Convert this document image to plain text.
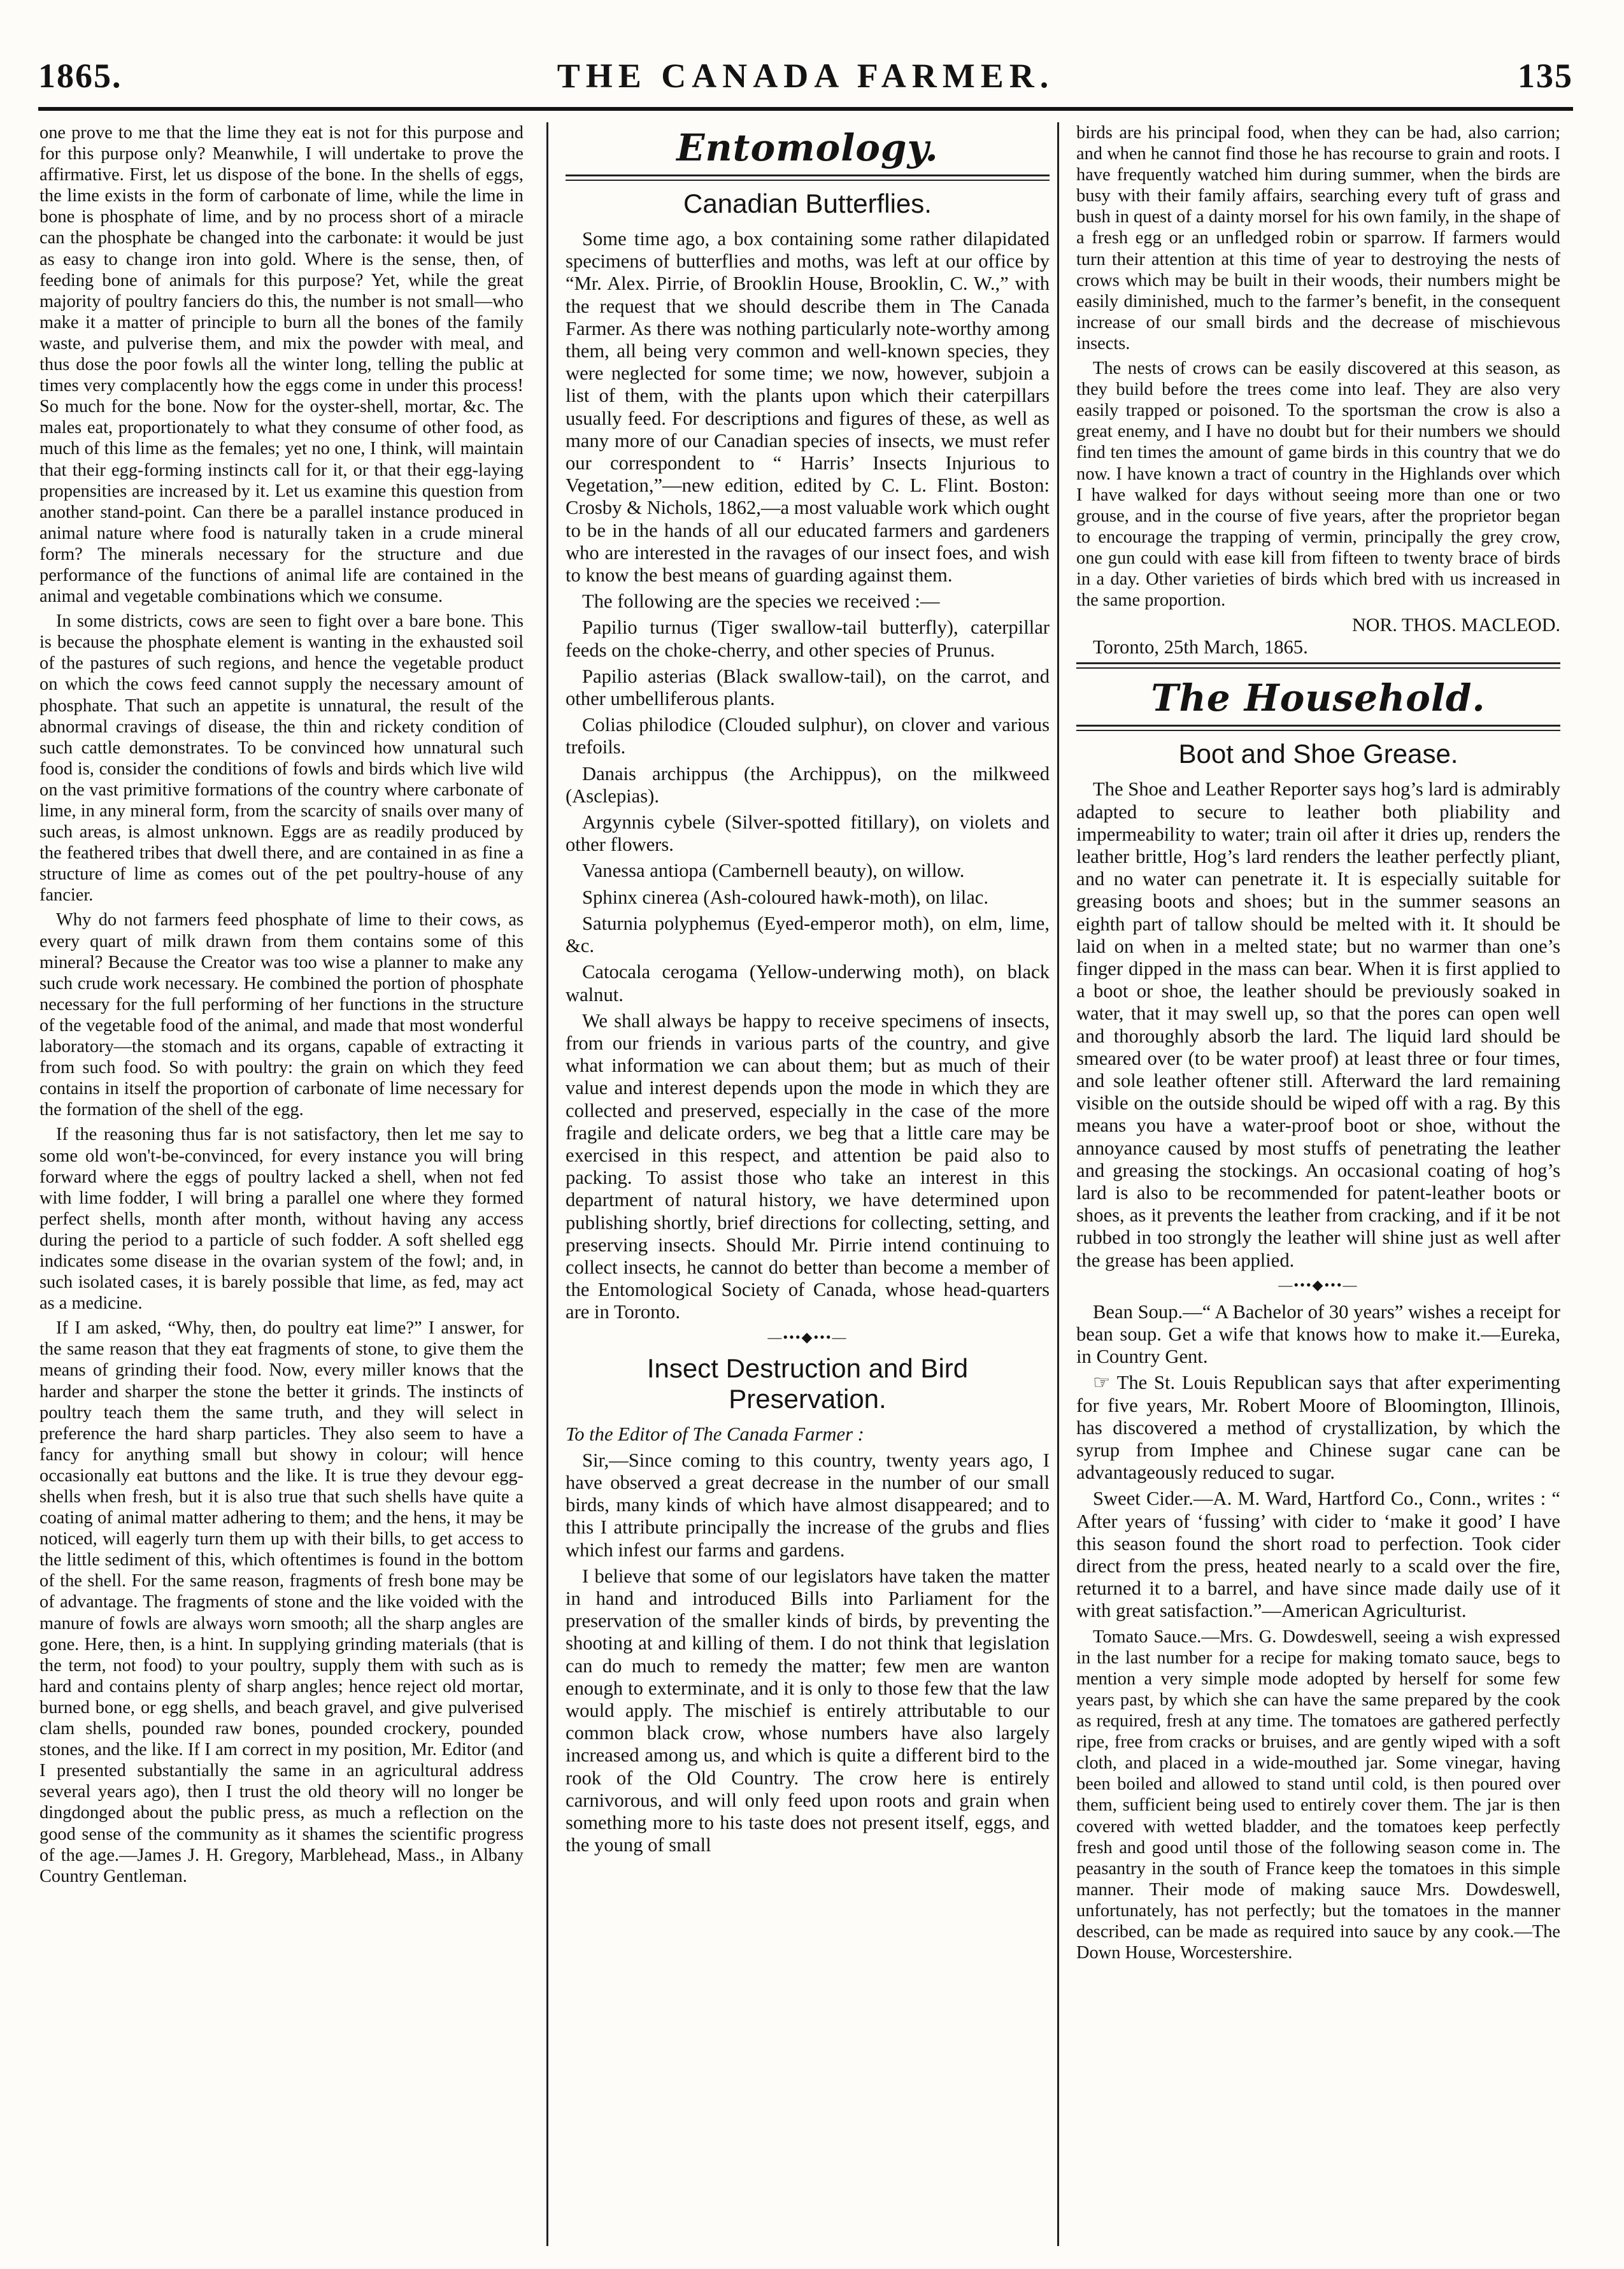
1865.	THE CANADA FARMER.	135

one prove to me that the lime they eat is not for this purpose and for this purpose only? Meanwhile, I will undertake to prove the affirmative. First, let us dispose of the bone. In the shells of eggs, the lime exists in the form of carbonate of lime, while the lime in bone is phosphate of lime, and by no process short of a miracle can the phosphate be changed into the carbonate: it would be just as easy to change iron into gold. Where is the sense, then, of feeding bone of animals for this purpose? Yet, while the great majority of poultry fanciers do this, the number is not small—who make it a matter of principle to burn all the bones of the family waste, and pulverise them, and mix the powder with meal, and thus dose the poor fowls all the winter long, telling the public at times very complacently how the eggs come in under this process! So much for the bone. Now for the oyster-shell, mortar, &c. The males eat, proportionately to what they consume of other food, as much of this lime as the females; yet no one, I think, will maintain that their egg-forming instincts call for it, or that their egg-laying propensities are increased by it. Let us examine this question from another stand-point. Can there be a parallel instance produced in animal nature where food is naturally taken in a crude mineral form? The minerals necessary for the structure and due performance of the functions of animal life are contained in the animal and vegetable combinations which we consume.

In some districts, cows are seen to fight over a bare bone. This is because the phosphate element is wanting in the exhausted soil of the pastures of such regions, and hence the vegetable product on which the cows feed cannot supply the necessary amount of phosphate. That such an appetite is unnatural, the result of the abnormal cravings of disease, the thin and rickety condition of such cattle demonstrates. To be convinced how unnatural such food is, consider the conditions of fowls and birds which live wild on the vast primitive formations of the country where carbonate of lime, in any mineral form, from the scarcity of snails over many of such areas, is almost unknown. Eggs are as readily produced by the feathered tribes that dwell there, and are contained in as fine a structure of lime as comes out of the pet poultry-house of any fancier.

Why do not farmers feed phosphate of lime to their cows, as every quart of milk drawn from them contains some of this mineral? Because the Creator was too wise a planner to make any such crude work necessary. He combined the portion of phosphate necessary for the full performing of her functions in the structure of the vegetable food of the animal, and made that most wonderful laboratory—the stomach and its organs, capable of extracting it from such food. So with poultry: the grain on which they feed contains in itself the proportion of carbonate of lime necessary for the formation of the shell of the egg.

If the reasoning thus far is not satisfactory, then let me say to some old won't-be-convinced, for every instance you will bring forward where the eggs of poultry lacked a shell, when not fed with lime fodder, I will bring a parallel one where they formed perfect shells, month after month, without having any access during the period to a particle of such fodder. A soft shelled egg indicates some disease in the ovarian system of the fowl; and, in such isolated cases, it is barely possible that lime, as fed, may act as a medicine.

If I am asked, “Why, then, do poultry eat lime?” I answer, for the same reason that they eat fragments of stone, to give them the means of grinding their food. Now, every miller knows that the harder and sharper the stone the better it grinds. The instincts of poultry teach them the same truth, and they will select in preference the hard sharp particles. They also seem to have a fancy for anything small but showy in colour; will hence occasionally eat buttons and the like. It is true they devour egg-shells when fresh, but it is also true that such shells have quite a coating of animal matter adhering to them; and the hens, it may be noticed, will eagerly turn them up with their bills, to get access to the little sediment of this, which oftentimes is found in the bottom of the shell. For the same reason, fragments of fresh bone may be of advantage. The fragments of stone and the like voided with the manure of fowls are always worn smooth; all the sharp angles are gone. Here, then, is a hint. In supplying grinding materials (that is the term, not food) to your poultry, supply them with such as is hard and contains plenty of sharp angles; hence reject old mortar, burned bone, or egg shells, and beach gravel, and give pulverised clam shells, pounded raw bones, pounded crockery, pounded stones, and the like. If I am correct in my position, Mr. Editor (and I presented substantially the same in an agricultural address several years ago), then I trust the old theory will no longer be dingdonged about the public press, as much a reflection on the good sense of the community as it shames the scientific progress of the age.—James J. H. Gregory, Marblehead, Mass., in Albany Country Gentleman.

Entomology.
Canadian Butterflies.

Some time ago, a box containing some rather dilapidated specimens of butterflies and moths, was left at our office by “Mr. Alex. Pirrie, of Brooklin House, Brooklin, C. W.,” with the request that we should describe them in The Canada Farmer. As there was nothing particularly note-worthy among them, all being very common and well-known species, they were neglected for some time; we now, however, subjoin a list of them, with the plants upon which their caterpillars usually feed. For descriptions and figures of these, as well as many more of our Canadian species of insects, we must refer our correspondent to “ Harris’ Insects Injurious to Vegetation,”—new edition, edited by C. L. Flint. Boston: Crosby & Nichols, 1862,—a most valuable work which ought to be in the hands of all our educated farmers and gardeners who are interested in the ravages of our insect foes, and wish to know the best means of guarding against them.

The following are the species we received :—

Papilio turnus (Tiger swallow-tail butterfly), caterpillar feeds on the choke-cherry, and other species of Prunus.

Papilio asterias (Black swallow-tail), on the carrot, and other umbelliferous plants.

Colias philodice (Clouded sulphur), on clover and various trefoils.

Danais archippus (the Archippus), on the milkweed (Asclepias).

Argynnis cybele (Silver-spotted fitillary), on violets and other flowers.

Vanessa antiopa (Cambernell beauty), on willow.

Sphinx cinerea (Ash-coloured hawk-moth), on lilac.

Saturnia polyphemus (Eyed-emperor moth), on elm, lime, &c.

Catocala cerogama (Yellow-underwing moth), on black walnut.

We shall always be happy to receive specimens of insects, from our friends in various parts of the country, and give what information we can about them; but as much of their value and interest depends upon the mode in which they are collected and preserved, especially in the case of the more fragile and delicate orders, we beg that a little care may be exercised in this respect, and attention be paid also to packing. To assist those who take an interest in this department of natural history, we have determined upon publishing shortly, brief directions for collecting, setting, and preserving insects. Should Mr. Pirrie intend continuing to collect insects, he cannot do better than become a member of the Entomological Society of Canada, whose head-quarters are in Toronto.

—•••◆•••—
Insect Destruction and Bird Preservation.

To the Editor of The Canada Farmer :

Sir,—Since coming to this country, twenty years ago, I have observed a great decrease in the number of our small birds, many kinds of which have almost disappeared; and to this I attribute principally the increase of the grubs and flies which infest our farms and gardens.

I believe that some of our legislators have taken the matter in hand and introduced Bills into Parliament for the preservation of the smaller kinds of birds, by preventing the shooting at and killing of them. I do not think that legislation can do much to remedy the matter; few men are wanton enough to exterminate, and it is only to those few that the law would apply. The mischief is entirely attributable to our common black crow, whose numbers have also largely increased among us, and which is quite a different bird to the rook of the Old Country. The crow here is entirely carnivorous, and will only feed upon roots and grain when something more to his taste does not present itself, eggs, and the young of small

birds are his principal food, when they can be had, also carrion; and when he cannot find those he has recourse to grain and roots. I have frequently watched him during summer, when the birds are busy with their family affairs, searching every tuft of grass and bush in quest of a dainty morsel for his own family, in the shape of a fresh egg or an unfledged robin or sparrow. If farmers would turn their attention at this time of year to destroying the nests of crows which may be built in their woods, their numbers might be easily diminished, much to the farmer’s benefit, in the consequent increase of our small birds and the decrease of mischievous insects.

The nests of crows can be easily discovered at this season, as they build before the trees come into leaf. They are also very easily trapped or poisoned. To the sportsman the crow is also a great enemy, and I have no doubt but for their numbers we should find ten times the amount of game birds in this country that we do now. I have known a tract of country in the Highlands over which I have walked for days without seeing more than one or two grouse, and in the course of five years, after the proprietor began to encourage the trapping of vermin, principally the grey crow, one gun could with ease kill from fifteen to twenty brace of birds in a day. Other varieties of birds which bred with us increased in the same proportion.

NOR. THOS. MACLEOD.

Toronto, 25th March, 1865.

The Household.
Boot and Shoe Grease.

The Shoe and Leather Reporter says hog’s lard is admirably adapted to secure to leather both pliability and impermeability to water; train oil after it dries up, renders the leather brittle, Hog’s lard renders the leather perfectly pliant, and no water can penetrate it. It is especially suitable for greasing boots and shoes; but in the summer seasons an eighth part of tallow should be melted with it. It should be laid on when in a melted state; but no warmer than one’s finger dipped in the mass can bear. When it is first applied to a boot or shoe, the leather should be previously soaked in water, that it may swell up, so that the pores can open well and thoroughly absorb the lard. The liquid lard should be smeared over (to be water proof) at least three or four times, and sole leather oftener still. Afterward the lard remaining visible on the outside should be wiped off with a rag. By this means you have a water-proof boot or shoe, without the annoyance caused by most stuffs of penetrating the leather and greasing the stockings. An occasional coating of hog’s lard is also to be recommended for patent-leather boots or shoes, as it prevents the leather from cracking, and if it be not rubbed in too strongly the leather will shine just as well after the grease has been applied.

—•••◆•••—

Bean Soup.—“ A Bachelor of 30 years” wishes a receipt for bean soup. Get a wife that knows how to make it.—Eureka, in Country Gent.

☞ The St. Louis Republican says that after experimenting for five years, Mr. Robert Moore of Bloomington, Illinois, has discovered a method of crystallization, by which the syrup from Imphee and Chinese sugar cane can be advantageously reduced to sugar.

Sweet Cider.—A. M. Ward, Hartford Co., Conn., writes : “ After years of ‘fussing’ with cider to ‘make it good’ I have this season found the short road to perfection. Took cider direct from the press, heated nearly to a scald over the fire, returned it to a barrel, and have since made daily use of it with great satisfaction.”—American Agriculturist.

Tomato Sauce.—Mrs. G. Dowdeswell, seeing a wish expressed in the last number for a recipe for making tomato sauce, begs to mention a very simple mode adopted by herself for some few years past, by which she can have the same prepared by the cook as required, fresh at any time. The tomatoes are gathered perfectly ripe, free from cracks or bruises, and are gently wiped with a soft cloth, and placed in a wide-mouthed jar. Some vinegar, having been boiled and allowed to stand until cold, is then poured over them, sufficient being used to entirely cover them. The jar is then covered with wetted bladder, and the tomatoes keep perfectly fresh and good until those of the following season come in. The peasantry in the south of France keep the tomatoes in this simple manner. Their mode of making sauce Mrs. Dowdeswell, unfortunately, has not perfectly; but the tomatoes in the manner described, can be made as required into sauce by any cook.—The Down House, Worcestershire.
